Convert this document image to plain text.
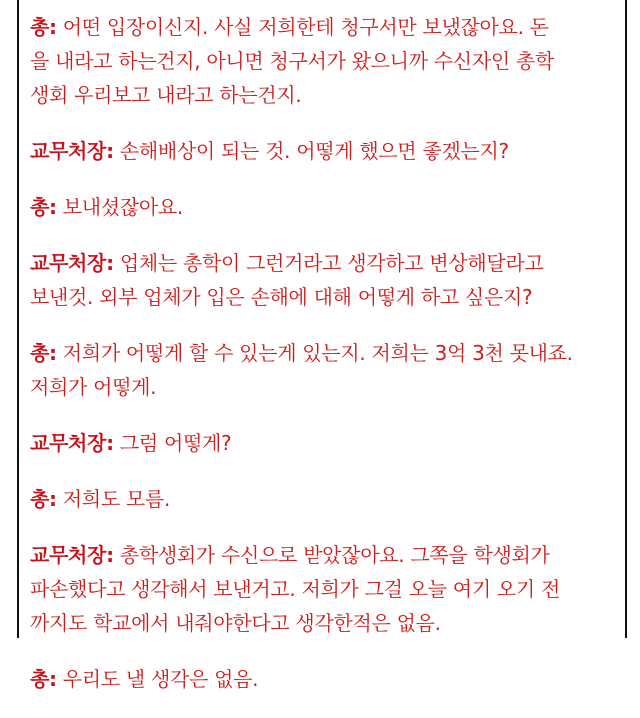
총: 어떤 입장이신지. 사실 저희한테 청구서만 보냈잖아요. 돈
을 내라고 하는건지, 아니면 청구서가 왔으니까 수신자인 총학
생회 우리보고 내라고 하는건지.

교무처장: 손해배상이 되는 것. 어떻게 했으면 좋겠는지?

총: 보내셨잖아요.

교무처장: 업체는 총학이 그런거라고 생각하고 변상해달라고
보낸것. 외부 업체가 입은 손해에 대해 어떻게 하고 싶은지?

총: 저희가 어떻게 할 수 있는게 있는지. 저희는 3억 3천 못내죠.
저희가 어떻게.

교무처장: 그럼 어떻게?

총: 저희도 모름.

교무처장: 총학생회가 수신으로 받았잖아요. 그쪽을 학생회가
파손했다고 생각해서 보낸거고. 저희가 그걸 오늘 여기 오기 전
까지도 학교에서 내줘야한다고 생각한적은 없음.

총: 우리도 낼 생각은 없음.
